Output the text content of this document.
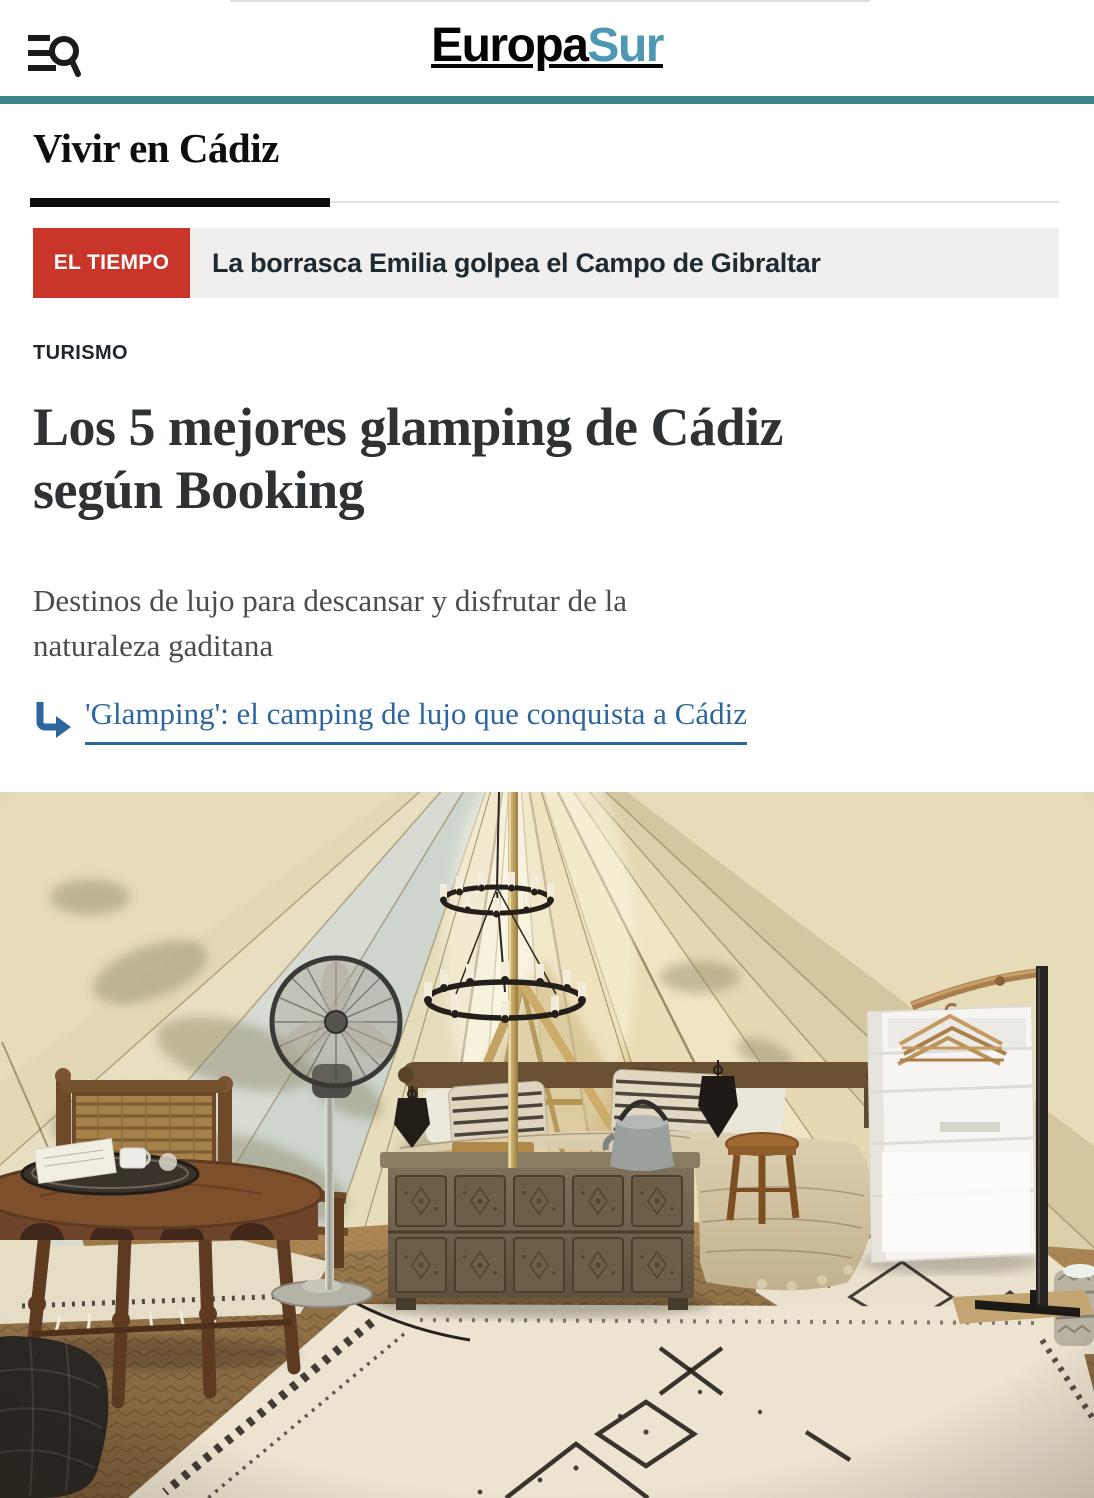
EuropaSur
Vivir en Cádiz
EL TIEMPO	La borrasca Emilia golpea el Campo de Gibraltar
TURISMO
Los 5 mejores glamping de Cádiz
según Booking
Destinos de lujo para descansar y disfrutar de la
naturaleza gaditana
'Glamping': el camping de lujo que conquista a Cádiz
